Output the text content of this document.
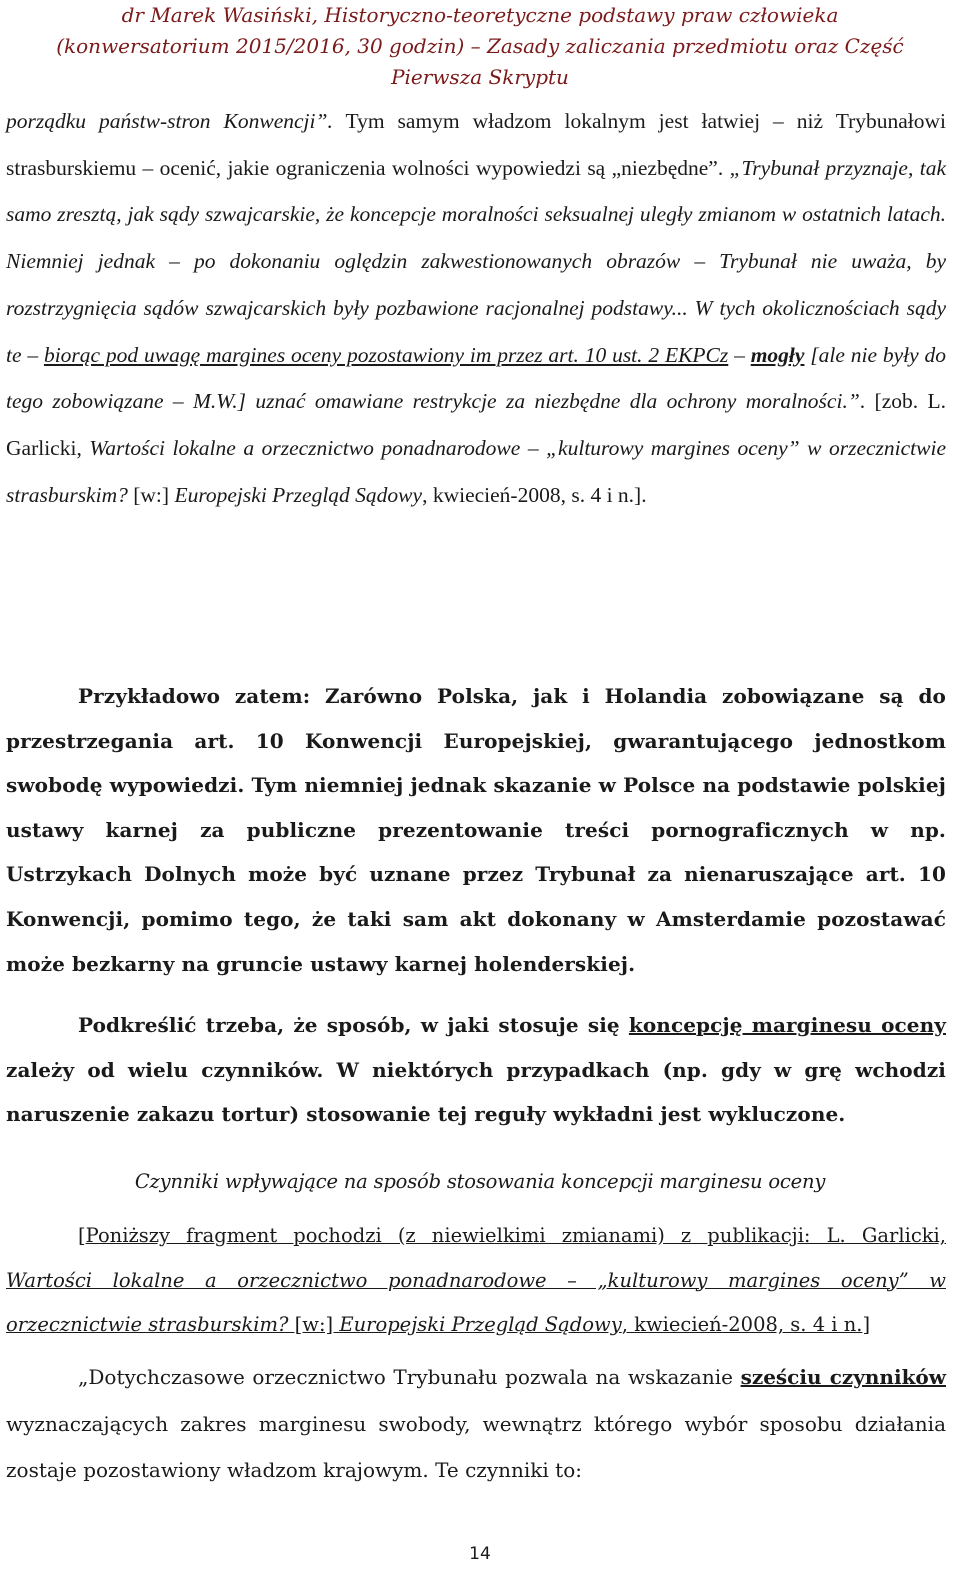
dr Marek Wasiński, Historyczno-teoretyczne podstawy praw człowieka
(konwersatorium 2015/2016, 30 godzin) – Zasady zaliczania przedmiotu oraz Część
Pierwsza Skryptu
porządku państw-stron Konwencji”. Tym samym władzom lokalnym jest łatwiej – niż Trybunałowi strasburskiemu – ocenić, jakie ograniczenia wolności wypowiedzi są „niezbędne”. „Trybunał przyznaje, tak samo zresztą, jak sądy szwajcarskie, że koncepcje moralności seksualnej uległy zmianom w ostatnich latach. Niemniej jednak – po dokonaniu oględzin zakwestionowanych obrazów – Trybunał nie uważa, by rozstrzygnięcia sądów szwajcarskich były pozbawione racjonalnej podstawy... W tych okolicznościach sądy te – biorąc pod uwagę margines oceny pozostawiony im przez art. 10 ust. 2 EKPCz – mogły [ale nie były do tego zobowiązane – M.W.] uznać omawiane restrykcje za niezbędne dla ochrony moralności.”. [zob. L. Garlicki, Wartości lokalne a orzecznictwo ponadnarodowe – „kulturowy margines oceny” w orzecznictwie strasburskim? [w:] Europejski Przegląd Sądowy, kwiecień-2008, s. 4 i n.].
Przykładowo zatem: Zarówno Polska, jak i Holandia zobowiązane są do przestrzegania art. 10 Konwencji Europejskiej, gwarantującego jednostkom swobodę wypowiedzi. Tym niemniej jednak skazanie w Polsce na podstawie polskiej ustawy karnej za publiczne prezentowanie treści pornograficznych w np. Ustrzykach Dolnych może być uznane przez Trybunał za nienaruszające art. 10 Konwencji, pomimo tego, że taki sam akt dokonany w Amsterdamie pozostawać może bezkarny na gruncie ustawy karnej holenderskiej.
Podkreślić trzeba, że sposób, w jaki stosuje się koncepcję marginesu oceny zależy od wielu czynników. W niektórych przypadkach (np. gdy w grę wchodzi naruszenie zakazu tortur) stosowanie tej reguły wykładni jest wykluczone.
Czynniki wpływające na sposób stosowania koncepcji marginesu oceny
[Poniższy fragment pochodzi (z niewielkimi zmianami) z publikacji: L. Garlicki, Wartości lokalne a orzecznictwo ponadnarodowe – „kulturowy margines oceny” w orzecznictwie strasburskim? [w:] Europejski Przegląd Sądowy, kwiecień-2008, s. 4 i n.]
„Dotychczasowe orzecznictwo Trybunału pozwala na wskazanie sześciu czynników wyznaczających zakres marginesu swobody, wewnątrz którego wybór sposobu działania zostaje pozostawiony władzom krajowym. Te czynniki to:
14
